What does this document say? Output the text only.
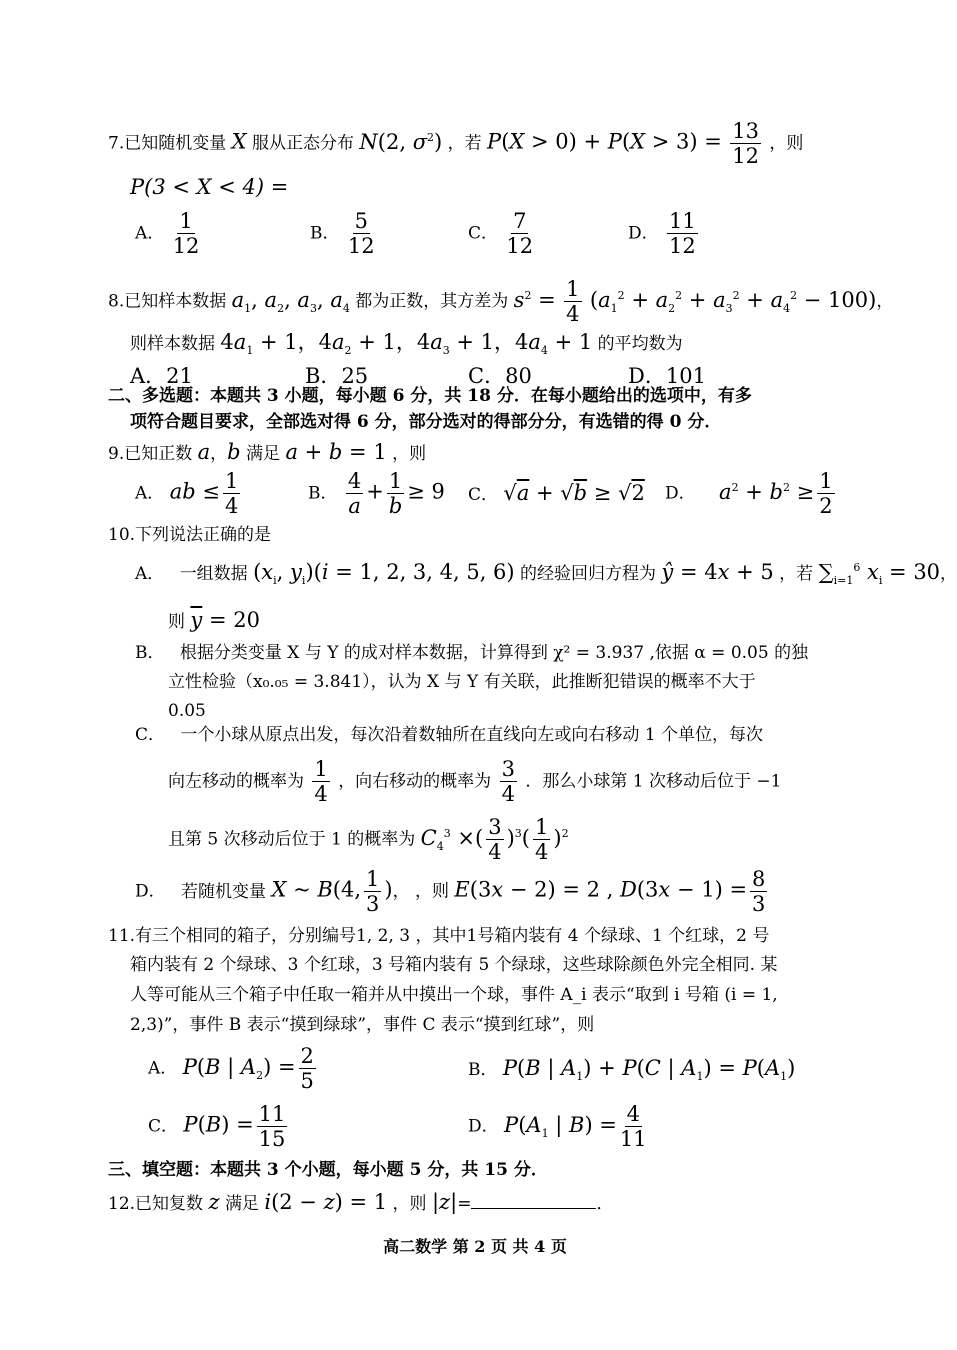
7.已知随机变量 X 服从正态分布 N(2, $\sigma^2$) ，若 $P(X > 0) + P(X > 3) = \frac{13}{12}$ ，则
P(3 < X < 4) =
A． $\frac{1}{12}$	B． $\frac{5}{12}$	C． $\frac{7}{12}$	D． $\frac{11}{12}$
8.已知样本数据 $a_1$, $a_2$, $a_3$, $a_4$ 都为正数，其方差为 $s^2 = \frac{1}{4} (a_1^2 + a_2^2 + a_3^2 + a_4^2 - 100)$，
则样本数据 $4a_1 + 1$，$4a_2 + 1$，$4a_3 + 1$，$4a_4 + 1$ 的平均数为
A．21	B．25	C．80	D．101
二、多选题：本题共 3 小题，每小题 6 分，共 18 分．在每小题给出的选项中，有多
项符合题目要求，全部选对得 6 分，部分选对的得部分分，有选错的得 0 分．
9.已知正数 a，b 满足 a + b = 1 ，则
A． ab ≤ $\frac{1}{4}$	B． $\frac{4}{a} + \frac{1}{b} \ge 9$ C． √a + √b ≥ √2 D． $a^2 + b^2 \ge \frac{1}{2}$
10.下列说法正确的是
A． 一组数据 ($x_i$, $y_i)(i = 1$, 2, 3, 4, 5, 6) 的经验回归方程为 ŷ = 4x + 5 ，若 $\sum_{i=1}^6$ $x_i = 30$，
则 $\overline{y} = 20$
B． 根据分类变量 X 与 Y 的成对样本数据，计算得到 χ² = 3.937 ,依据 α = 0.05 的独
立性检验（x₀.₀₅ = 3.841），认为 X 与 Y 有关联，此推断犯错误的概率不大于
0.05
C． 一个小球从原点出发，每次沿着数轴所在直线向左或向右移动 1 个单位，每次
向左移动的概率为 $\frac{1}{4}$ ，向右移动的概率为 $\frac{3}{4}$ ．那么小球第 1 次移动后位于 −1
且第 5 次移动后位于 1 的概率为 $C_4^3$ ×( $\frac{3}{4} )^3( \frac{1}{4} )^2$
D． 若随机变量 X ~ B(4, $\frac{1}{3}$ )， ，则 E(3x − 2) = 2 , $D(3x - 1) = \frac{8}{3}$
11.有三个相同的箱子，分别编号1, 2, 3 ，其中1号箱内装有 4 个绿球、1 个红球，2 号
箱内装有 2 个绿球、3 个红球，3 号箱内装有 5 个绿球，这些球除颜色外完全相同. 某
人等可能从三个箱子中任取一箱并从中摸出一个球，事件 A_i 表示“取到 i 号箱 (i = 1,
2,3)”，事件 B 表示“摸到绿球”，事件 C 表示“摸到红球”，则
A． P(B | $A_2) = \frac{2}{5}$	B． P(B | $A_1) + P(C$ | $A_1) = P(A_1)$
C． $P(B) = \frac{11}{15}$	D． $P(A_1$ | $B) = \frac{4}{11}$
三、填空题：本题共 3 个小题，每小题 5 分，共 15 分．
12.已知复数 z 满足 i(2 − z) = 1 ，则 |z|=	．
高二数学 第 2 页 共 4 页
